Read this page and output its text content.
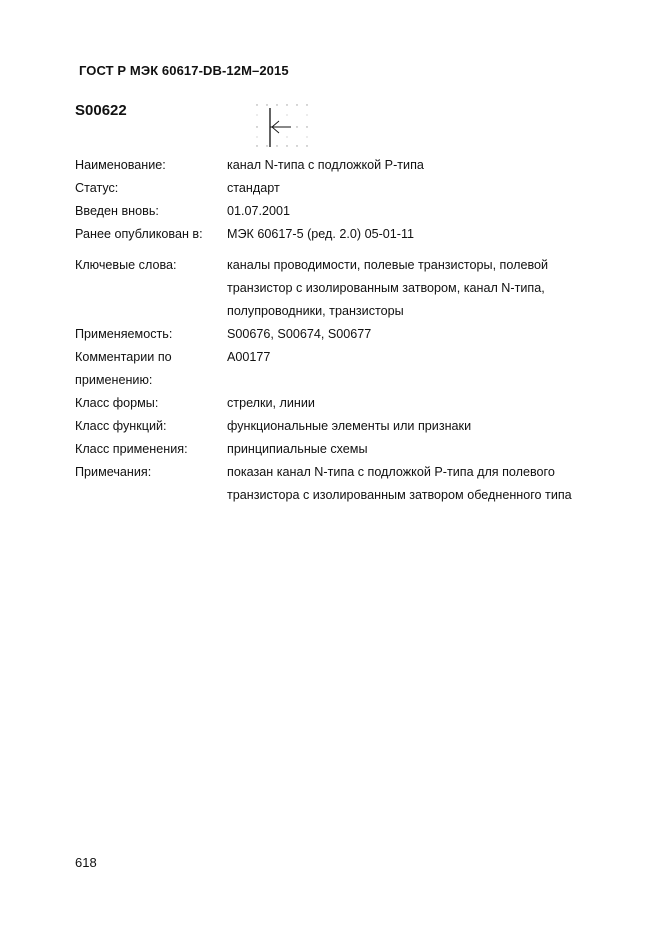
ГОСТ Р МЭК 60617-DB-12M–2015
S00622
Наименование:	канал N-типа с подложкой Р-типа
Статус:	стандарт
Введен вновь:	01.07.2001
Ранее опубликован в:	МЭК 60617-5 (ред. 2.0) 05-01-11
Ключевые слова:	каналы проводимости, полевые транзисторы, полевой транзистор с изолированным затвором, канал N-типа, полупроводники, транзисторы
Применяемость:	S00676, S00674, S00677
Комментарии по применению:
A00177
Класс формы:	стрелки, линии
Класс функций:	функциональные элементы или признаки
Класс применения:	принципиальные схемы
Примечания:	показан канал N-типа с подложкой Р-типа для полевого транзистора с изолированным затвором обедненного типа
618
